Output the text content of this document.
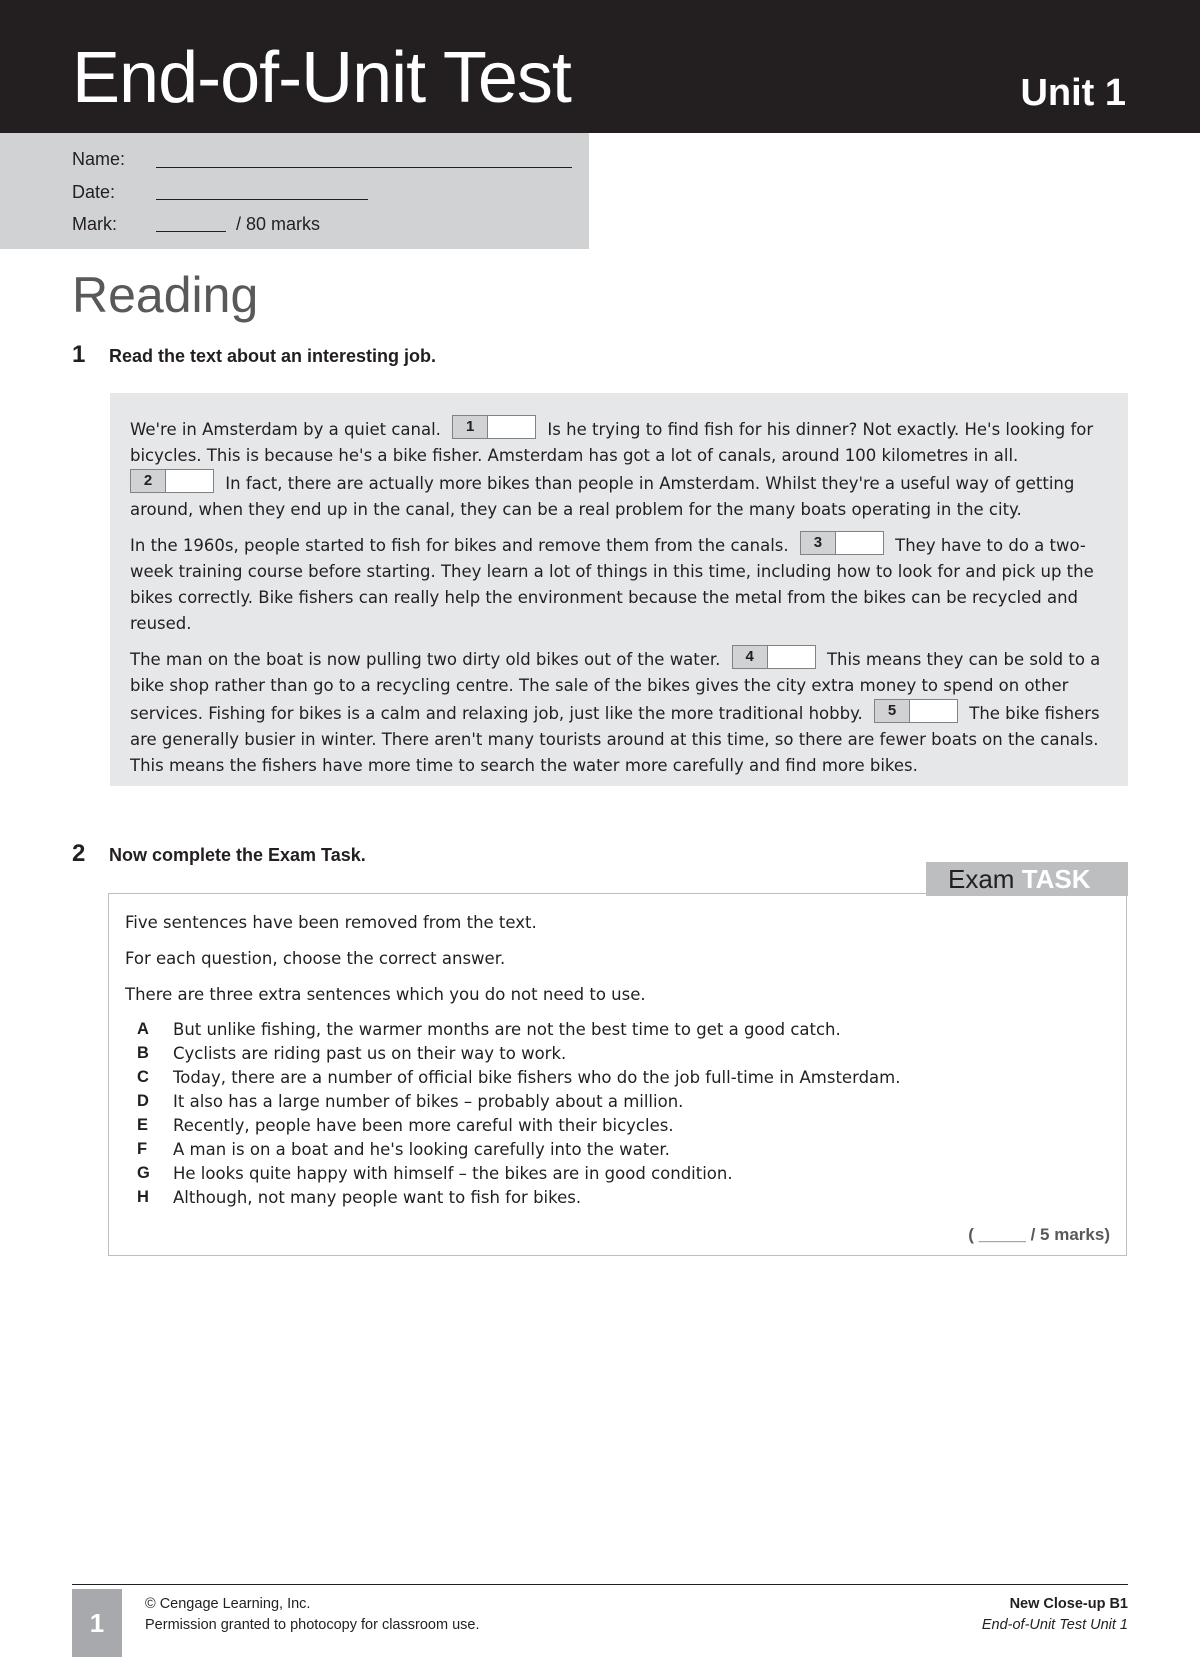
End-of-Unit Test	Unit 1
Name:
Date:
Mark:	/ 80 marks
Reading
1 Read the text about an interesting job.

We're in Amsterdam by a quiet canal.	1	Is he trying to find fish for his dinner? Not exactly. He's looking for bicycles. This is because he's a bike fisher. Amsterdam has got a lot of canals, around 100 kilometres in all.

2	In fact, there are actually more bikes than people in Amsterdam. Whilst they're a useful way of getting around, when they end up in the canal, they can be a real problem for the many boats operating in the city.

In the 1960s, people started to fish for bikes and remove them from the canals.	3	They have to do a two-week training course before starting. They learn a lot of things in this time, including how to look for and pick up the bikes correctly. Bike fishers can really help the environment because the metal from the bikes can be recycled and reused.

The man on the boat is now pulling two dirty old bikes out of the water.	4	This means they can be sold to a bike shop rather than go to a recycling centre. The sale of the bikes gives the city extra money to spend on other services. Fishing for bikes is a calm and relaxing job, just like the more traditional hobby.	5	The bike fishers are generally busier in winter. There aren't many tourists around at this time, so there are fewer boats on the canals. This means the fishers have more time to search the water more carefully and find more bikes.

2 Now complete the Exam Task.
Five sentences have been removed from the text.
For each question, choose the correct answer.
There are three extra sentences which you do not need to use.
A But unlike fishing, the warmer months are not the best time to get a good catch.
B Cyclists are riding past us on their way to work.
C Today, there are a number of official bike fishers who do the job full-time in Amsterdam.
D It also has a large number of bikes – probably about a million.
E Recently, people have been more careful with their bicycles.
F A man is on a boat and he's looking carefully into the water.
G He looks quite happy with himself – the bikes are in good condition.
H Although, not many people want to fish for bikes.
( _____ / 5 marks)
Exam TASK
1
© Cengage Learning, Inc.
Permission granted to photocopy for classroom use.
New Close-up B1
End-of-Unit Test Unit 1
